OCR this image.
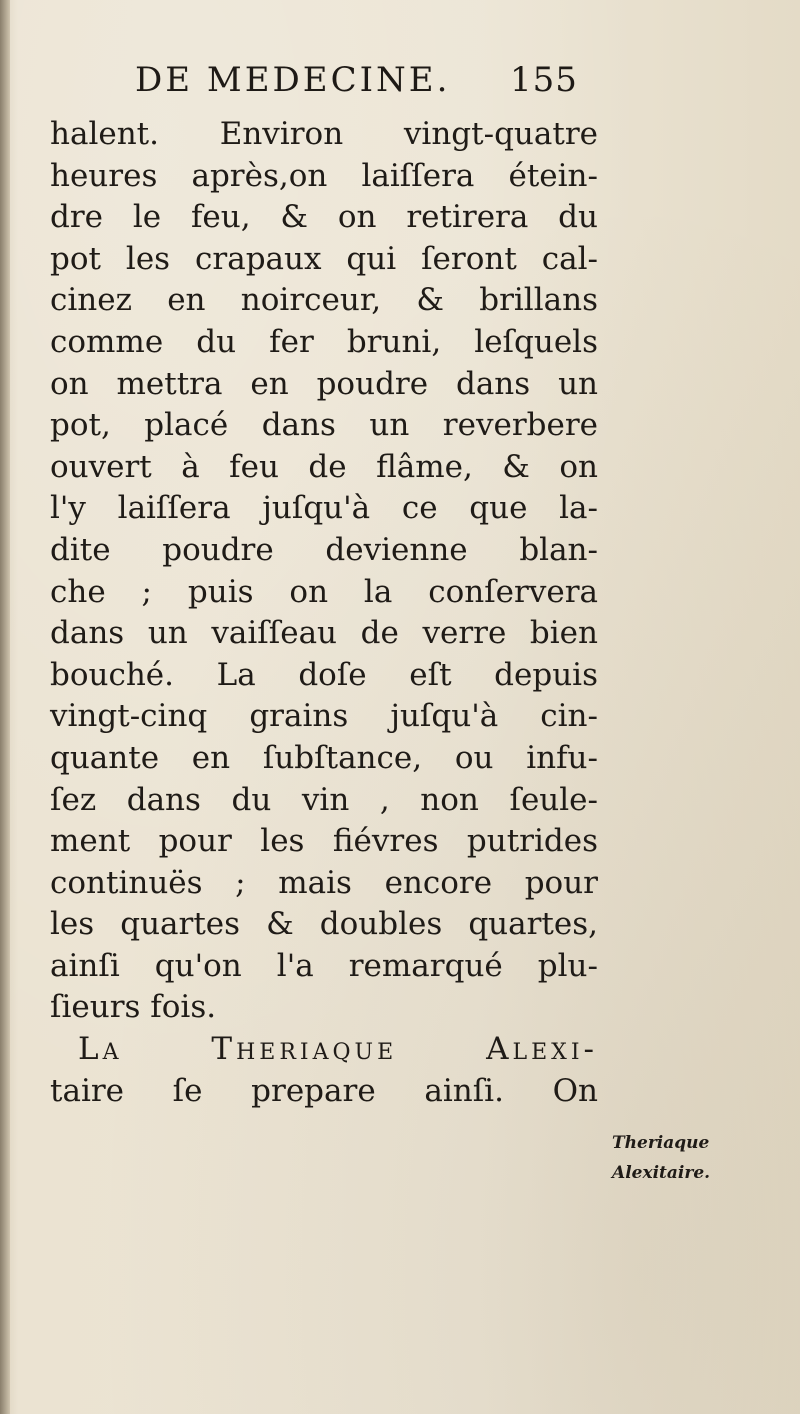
DE MEDECINE. 155
halent. Environ vingt-quatre
heures après,on laiſſera étein-
dre le feu, & on retirera du
pot les crapaux qui ſeront cal-
cinez en noirceur, & brillans
comme du fer bruni, leſquels
on mettra en poudre dans un
pot, placé dans un reverbere
ouvert à feu de flâme, & on
l'y laiſſera juſqu'à ce que la-
dite poudre devienne blan-
che ; puis on la conſervera
dans un vaiſſeau de verre bien
bouché. La doſe eſt depuis
vingt-cinq grains juſqu'à cin-
quante en ſubſtance, ou infu-
ſez dans du vin , non ſeule-
ment pour les fiévres putrides
continuës ; mais encore pour
les quartes & doubles quartes,
ainſi qu'on l'a remarqué plu-
ſieurs fois.
La Theriaque Alexi-
taire ſe prepare ainſi. On
Theriaque
Alexitaire.
